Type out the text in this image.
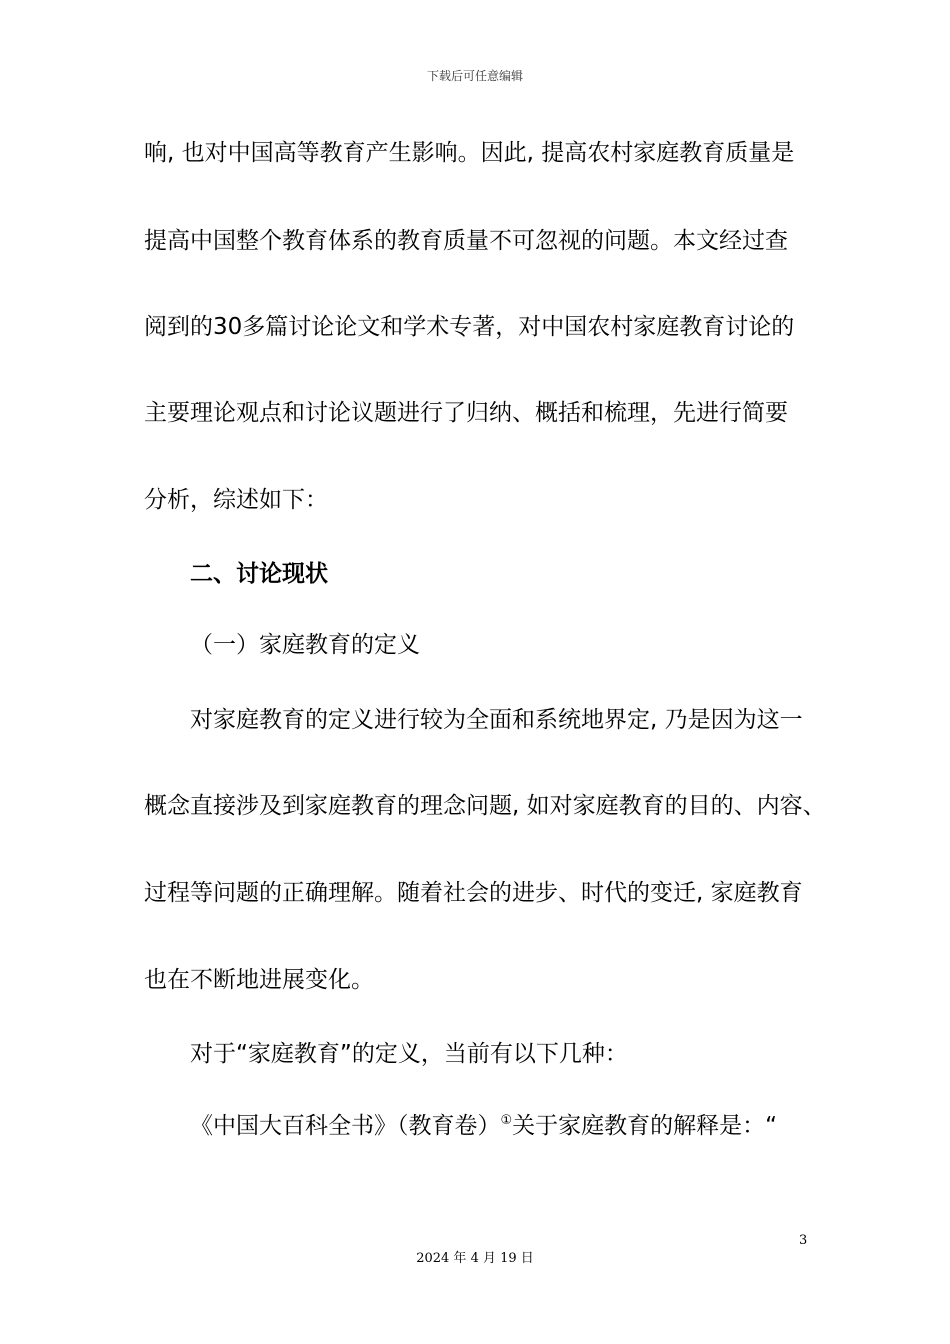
下载后可任意编辑
响, 也对中国高等教育产生影响。因此, 提高农村家庭教育质量是
提高中国整个教育体系的教育质量不可忽视的问题。本文经过查
阅到的30多篇讨论论文和学术专著，对中国农村家庭教育讨论的
主要理论观点和讨论议题进行了归纳、概括和梳理，先进行简要
分析，综述如下：
二、讨论现状
（一）家庭教育的定义
对家庭教育的定义进行较为全面和系统地界定, 乃是因为这一
概念直接涉及到家庭教育的理念问题, 如对家庭教育的目的、内容、
过程等问题的正确理解。随着社会的进步、时代的变迁, 家庭教育
也在不断地进展变化。
对于“家庭教育”的定义，当前有以下几种：
《中国大百科全书》（教育卷）①关于家庭教育的解释是：“
3
2024 年 4 月 19 日
